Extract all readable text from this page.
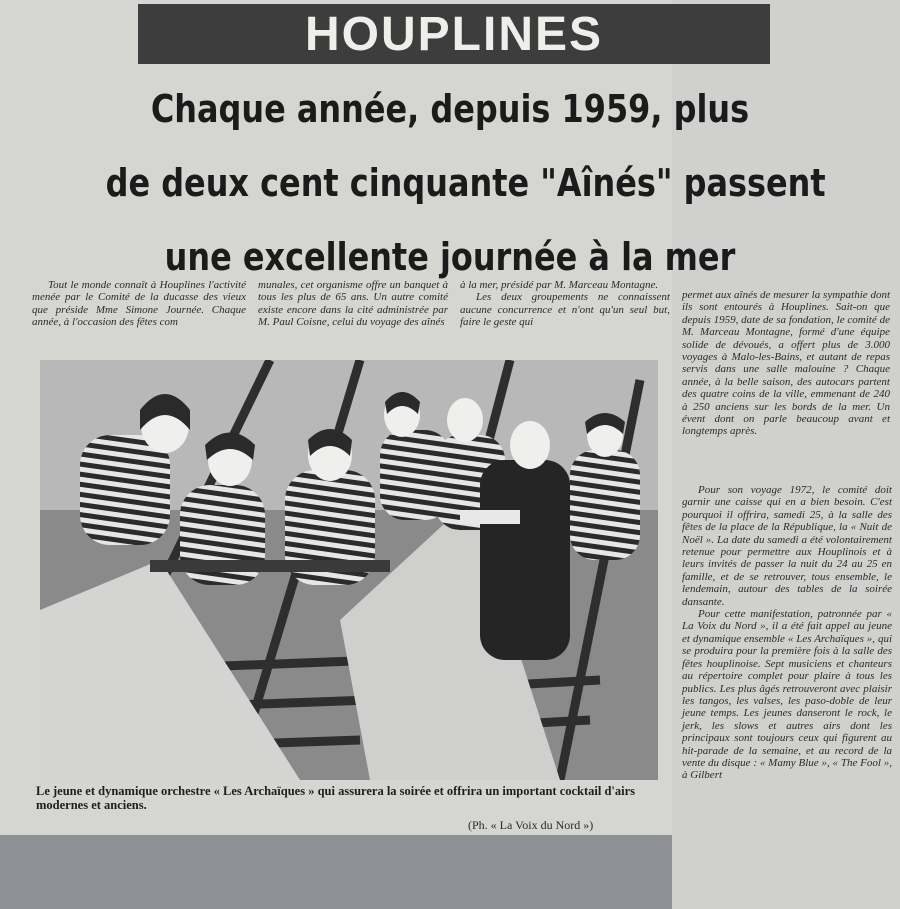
HOUPLINES
Chaque année, depuis 1959, plus
de deux cent cinquante "Aînés" passent
une excellente journée à la mer

Tout le monde connaît à Houplines l'activité menée par le Comité de la ducasse des vieux que préside Mme Simone Journée. Chaque année, à l'occasion des fêtes com

munales, cet organisme offre un banquet à tous les plus de 65 ans. Un autre comité existe encore dans la cité administrée par M. Paul Coisne, celui du voyage des aînés

à la mer, présidé par M. Marceau Montagne.

Les deux groupements ne connaissent aucune concurrence et n'ont qu'un seul but, faire le geste qui

permet aux aînés de mesurer la sympathie dont ils sont entourés à Houplines. Sait-on que depuis 1959, date de sa fondation, le comité de M. Marceau Montagne, formé d'une équipe solide de dévoués, a offert plus de 3.000 voyages à Malo-les-Bains, et autant de repas servis dans une salle malouine ? Chaque année, à la belle saison, des autocars partent des quatre coins de la ville, emmenant de 240 à 250 anciens sur les bords de la mer. Un évent dont on parle beaucoup avant et longtemps après.

Pour son voyage 1972, le comité doit garnir une caisse qui en a bien besoin. C'est pourquoi il offrira, samedi 25, à la salle des fêtes de la place de la République, la « Nuit de Noël ». La date du samedi a été volontairement retenue pour permettre aux Houplinois et à leurs invités de passer la nuit du 24 au 25 en famille, et de se retrouver, tous ensemble, le lendemain, autour des tables de la soirée dansante.

Pour cette manifestation, patronnée par « La Voix du Nord », il a été fait appel au jeune et dynamique ensemble « Les Archaïques », qui se produira pour la première fois à la salle des fêtes houplinoise. Sept musiciens et chanteurs au répertoire complet pour plaire à tous les publics. Les plus âgés retrouveront avec plaisir les tangos, les valses, les paso-doble de leur jeune temps. Les jeunes danseront le rock, le jerk, les slows et autres airs dont les principaux sont toujours ceux qui figurent au hit-parade de la semaine, et au record de la vente du disque : « Mamy Blue », « The Fool », à Gilbert

Le jeune et dynamique orchestre « Les Archaïques » qui assurera la soirée et offrira un important cocktail d'airs modernes et anciens.
(Ph. « La Voix du Nord »)
